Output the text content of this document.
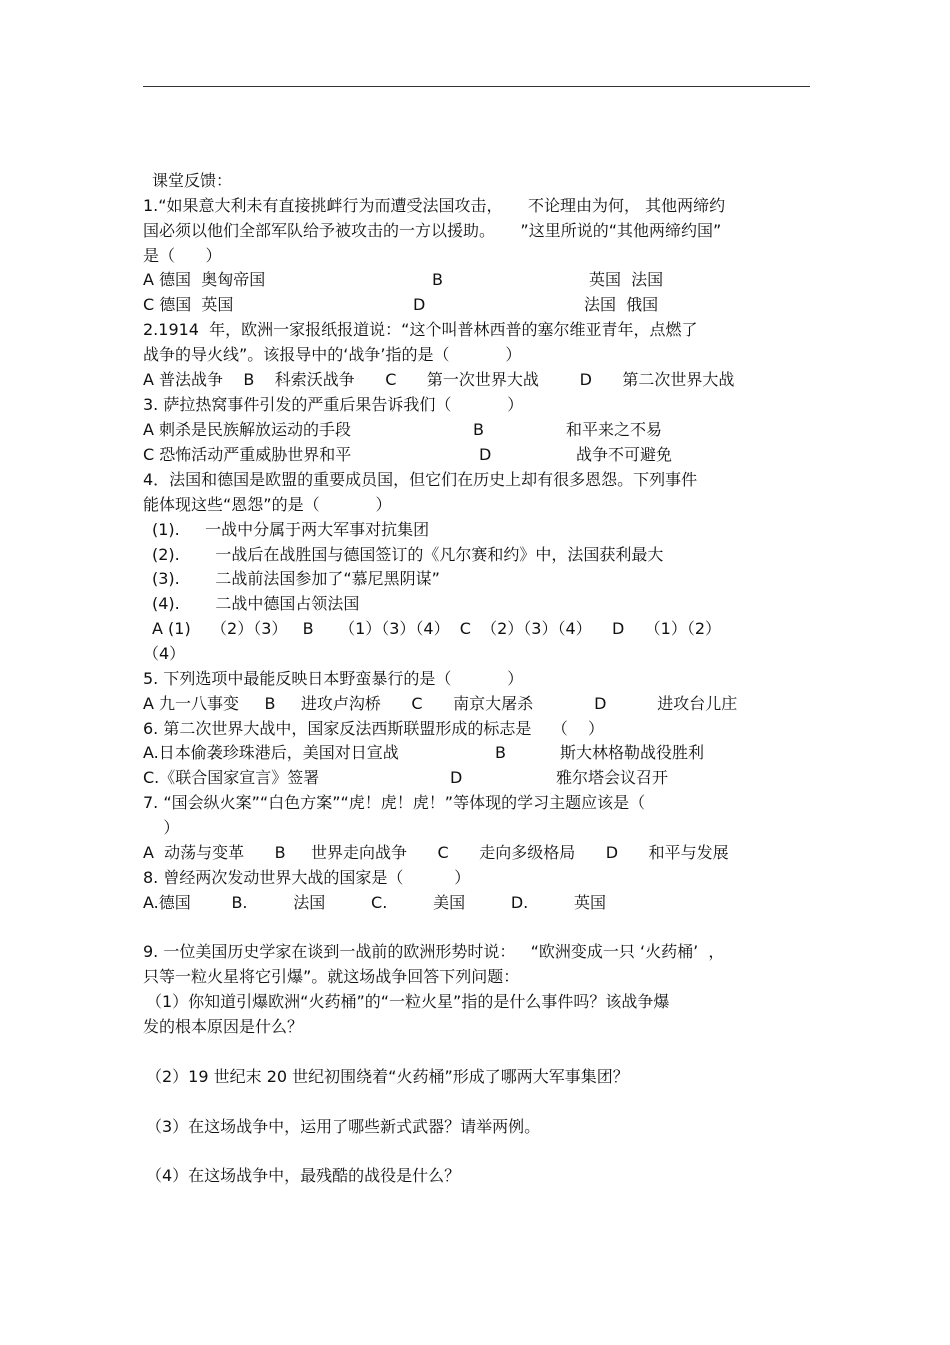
课堂反馈：
1.“如果意大利未有直接挑衅行为而遭受法国攻击，     不论理由为何， 其他两缔约
国必须以他们全部军队给予被攻击的一方以援助。     ”这里所说的“其他两缔约国”
是（      ）
A 德国  奥匈帝国	B	英国  法国
C 德国  英国	D	法国  俄国
2.1914  年，欧洲一家报纸报道说：“这个叫普林西普的塞尔维亚青年，点燃了
战争的导火线”。该报导中的‘战争’指的是（           ）
A 普法战争    B    科索沃战争      C      第一次世界大战        D      第二次世界大战
3. 萨拉热窝事件引发的严重后果告诉我们（           ）
A 刺杀是民族解放运动的手段	B	和平来之不易
C 恐怖活动严重威胁世界和平	D	战争不可避免
4．法国和德国是欧盟的重要成员国，但它们在历史上却有很多恩怨。下列事件
能体现这些“恩怨”的是（           ）
(1).     一战中分属于两大军事对抗集团
(2).       一战后在战胜国与德国签订的《凡尔赛和约》中，法国获利最大
(3).       二战前法国参加了“慕尼黑阴谋”
(4).       二战中德国占领法国
A (1)    （2）（3）   B     （1）（3）（4）  C  （2）（3）（4）    D    （1）（2）
（4）
5. 下列选项中最能反映日本野蛮暴行的是（           ）
A 九一八事变     B     进攻卢沟桥      C      南京大屠杀            D          进攻台儿庄
6. 第二次世界大战中，国家反法西斯联盟形成的标志是    （    ）
A.日本偷袭珍珠港后，美国对日宣战	B	斯大林格勒战役胜利
C.《联合国家宣言》签署	D	雅尔塔会议召开
7. “国会纵火案”“白色方案”“虎！虎！虎！”等体现的学习主题应该是（
）
A  动荡与变革      B     世界走向战争      C      走向多级格局      D      和平与发展
8. 曾经两次发动世界大战的国家是（          ）
A.德国        B.         法国         C.         美国         D.         英国
9. 一位美国历史学家在谈到一战前的欧洲形势时说：   “欧洲变成一只 ‘火药桶’  ，
只等一粒火星将它引爆”。就这场战争回答下列问题：
（1）你知道引爆欧洲“火药桶”的“一粒火星”指的是什么事件吗？该战争爆
发的根本原因是什么？
（2）19 世纪末 20 世纪初围绕着“火药桶”形成了哪两大军事集团？
（3）在这场战争中，运用了哪些新式武器？请举两例。
（4）在这场战争中，最残酷的战役是什么？
